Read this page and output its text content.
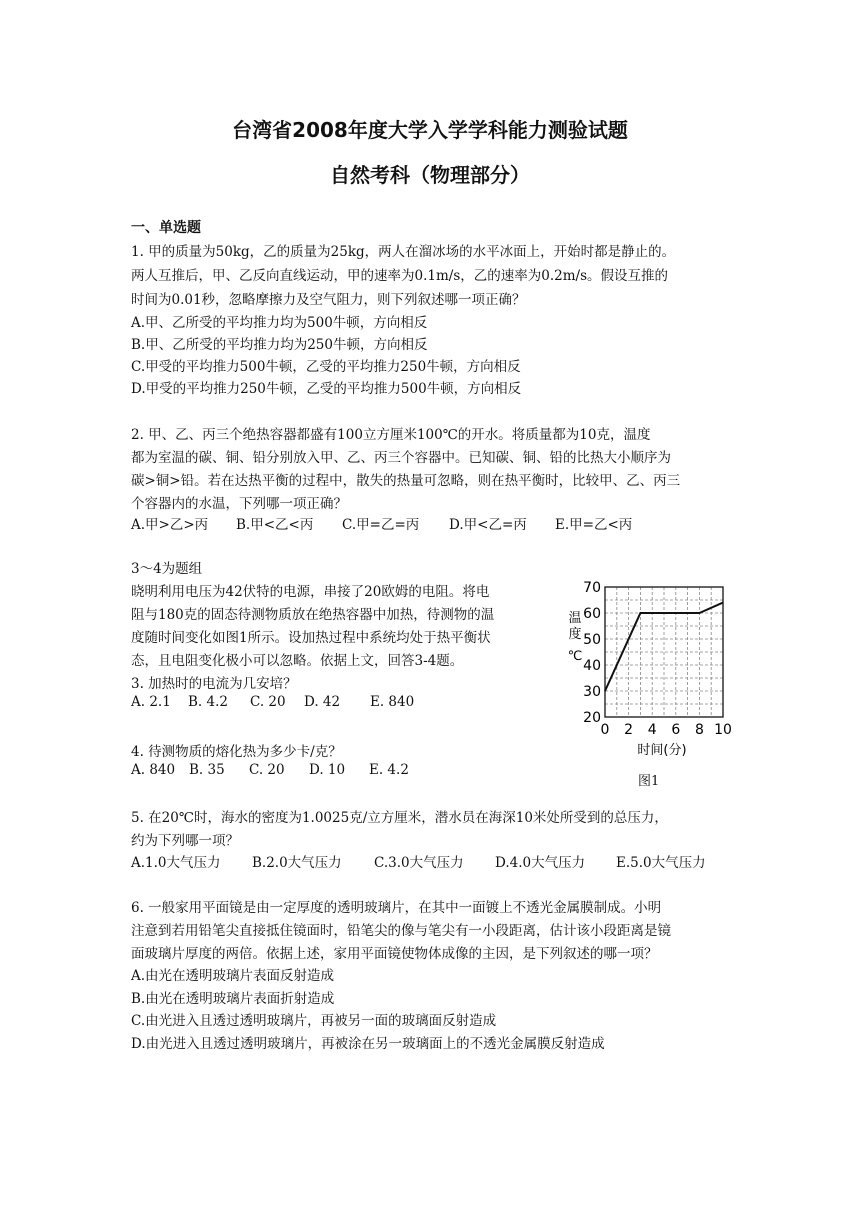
台湾省2008年度大学入学学科能力测验试题
自然考科（物理部分）
一、单选题
1. 甲的质量为50kg，乙的质量为25kg，两人在溜冰场的水平冰面上，开始时都是静止的。
两人互推后，甲、乙反向直线运动，甲的速率为0.1m/s，乙的速率为0.2m/s。假设互推的
时间为0.01秒，忽略摩擦力及空气阻力，则下列叙述哪一项正确？
A.甲、乙所受的平均推力均为500牛顿，方向相反
B.甲、乙所受的平均推力均为250牛顿，方向相反
C.甲受的平均推力500牛顿，乙受的平均推力250牛顿，方向相反
D.甲受的平均推力250牛顿，乙受的平均推力500牛顿，方向相反
2. 甲、乙、丙三个绝热容器都盛有100立方厘米100℃的开水。将质量都为10克，温度
都为室温的碳、铜、铅分别放入甲、乙、丙三个容器中。已知碳、铜、铅的比热大小顺序为
碳>铜>铅。若在达热平衡的过程中，散失的热量可忽略，则在热平衡时，比较甲、乙、丙三
个容器内的水温，下列哪一项正确？
A.甲>乙>丙 B.甲<乙<丙 C.甲=乙=丙 D.甲<乙=丙 E.甲=乙<丙
3～4为题组
晓明利用电压为42伏特的电源，串接了20欧姆的电阻。将电
阻与180克的固态待测物质放在绝热容器中加热，待测物的温
度随时间变化如图1所示。设加热过程中系统均处于热平衡状
态，且电阻变化极小可以忽略。依据上文，回答3-4题。
3. 加热时的电流为几安培？
A. 2.1 B. 4.2 C. 20 D. 42 E. 840
4. 待测物质的熔化热为多少卡/克？
A. 840 B. 35 C. 20 D. 10 E. 4.2
0 2 4 6 8 10
20
30
40
50
60
70
时间(分)
温
度
℃
图1
5. 在20℃时，海水的密度为1.0025克/立方厘米，潜水员在海深10米处所受到的总压力，
约为下列哪一项？
A.1.0大气压力 B.2.0大气压力 C.3.0大气压力 D.4.0大气压力 E.5.0大气压力
6. 一般家用平面镜是由一定厚度的透明玻璃片，在其中一面镀上不透光金属膜制成。小明
注意到若用铅笔尖直接抵住镜面时，铅笔尖的像与笔尖有一小段距离，估计该小段距离是镜
面玻璃片厚度的两倍。依据上述，家用平面镜使物体成像的主因，是下列叙述的哪一项？
A.由光在透明玻璃片表面反射造成
B.由光在透明玻璃片表面折射造成
C.由光进入且透过透明玻璃片，再被另一面的玻璃面反射造成
D.由光进入且透过透明玻璃片，再被涂在另一玻璃面上的不透光金属膜反射造成
